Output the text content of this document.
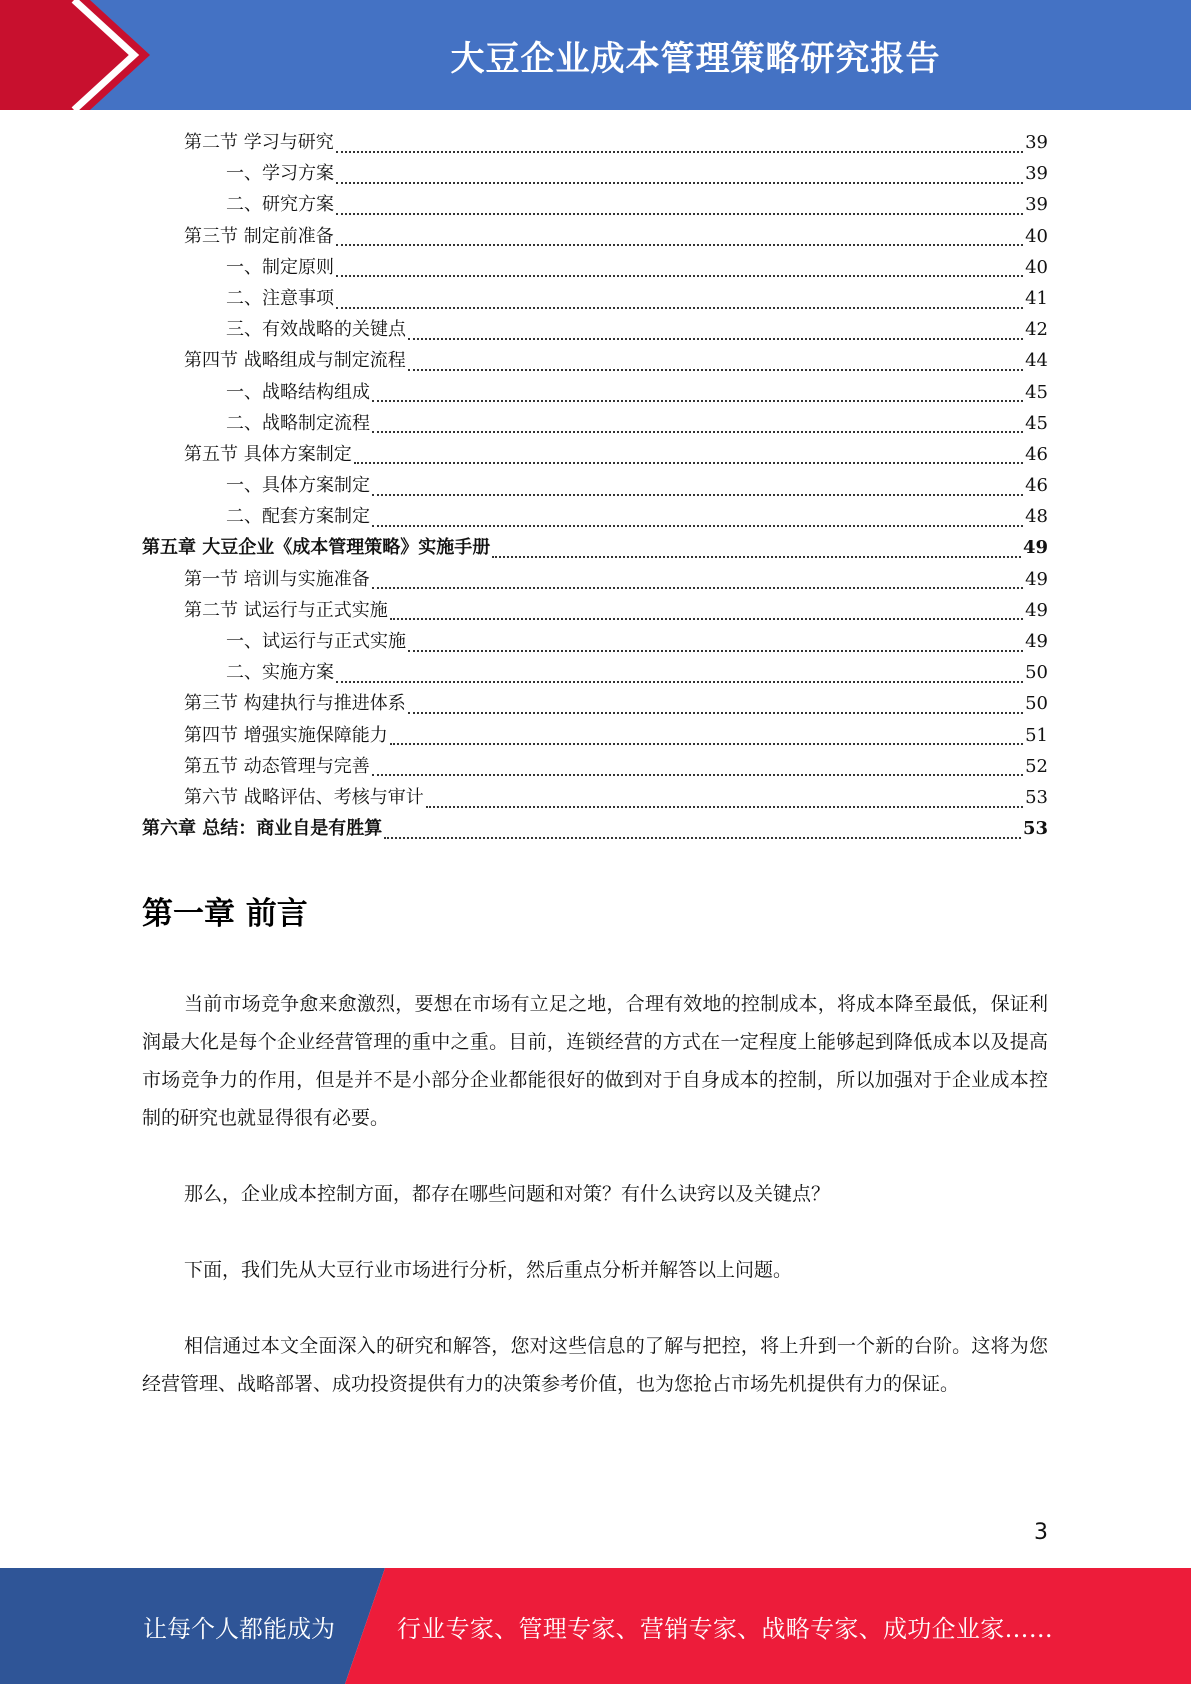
大豆企业成本管理策略研究报告
第二节 学习与研究	39
一、学习方案	39
二、研究方案	39
第三节 制定前准备	40
一、制定原则	40
二、注意事项	41
三、有效战略的关键点	42
第四节 战略组成与制定流程	44
一、战略结构组成	45
二、战略制定流程	45
第五节 具体方案制定	46
一、具体方案制定	46
二、配套方案制定	48
第五章 大豆企业《成本管理策略》实施手册	49
第一节 培训与实施准备	49
第二节 试运行与正式实施	49
一、试运行与正式实施	49
二、实施方案	50
第三节 构建执行与推进体系	50
第四节 增强实施保障能力	51
第五节 动态管理与完善	52
第六节 战略评估、考核与审计	53
第六章 总结：商业自是有胜算	53
第一章 前言

当前市场竞争愈来愈激烈，要想在市场有立足之地，合理有效地的控制成本，将成本降至最低，保证利润最大化是每个企业经营管理的重中之重。目前，连锁经营的方式在一定程度上能够起到降低成本以及提高市场竞争力的作用，但是并不是小部分企业都能很好的做到对于自身成本的控制，所以加强对于企业成本控制的研究也就显得很有必要。

那么，企业成本控制方面，都存在哪些问题和对策？有什么诀窍以及关键点？

下面，我们先从大豆行业市场进行分析，然后重点分析并解答以上问题。

相信通过本文全面深入的研究和解答，您对这些信息的了解与把控，将上升到一个新的台阶。这将为您经营管理、战略部署、成功投资提供有力的决策参考价值，也为您抢占市场先机提供有力的保证。

3
让每个人都能成为	行业专家、管理专家、营销专家、战略专家、成功企业家……
